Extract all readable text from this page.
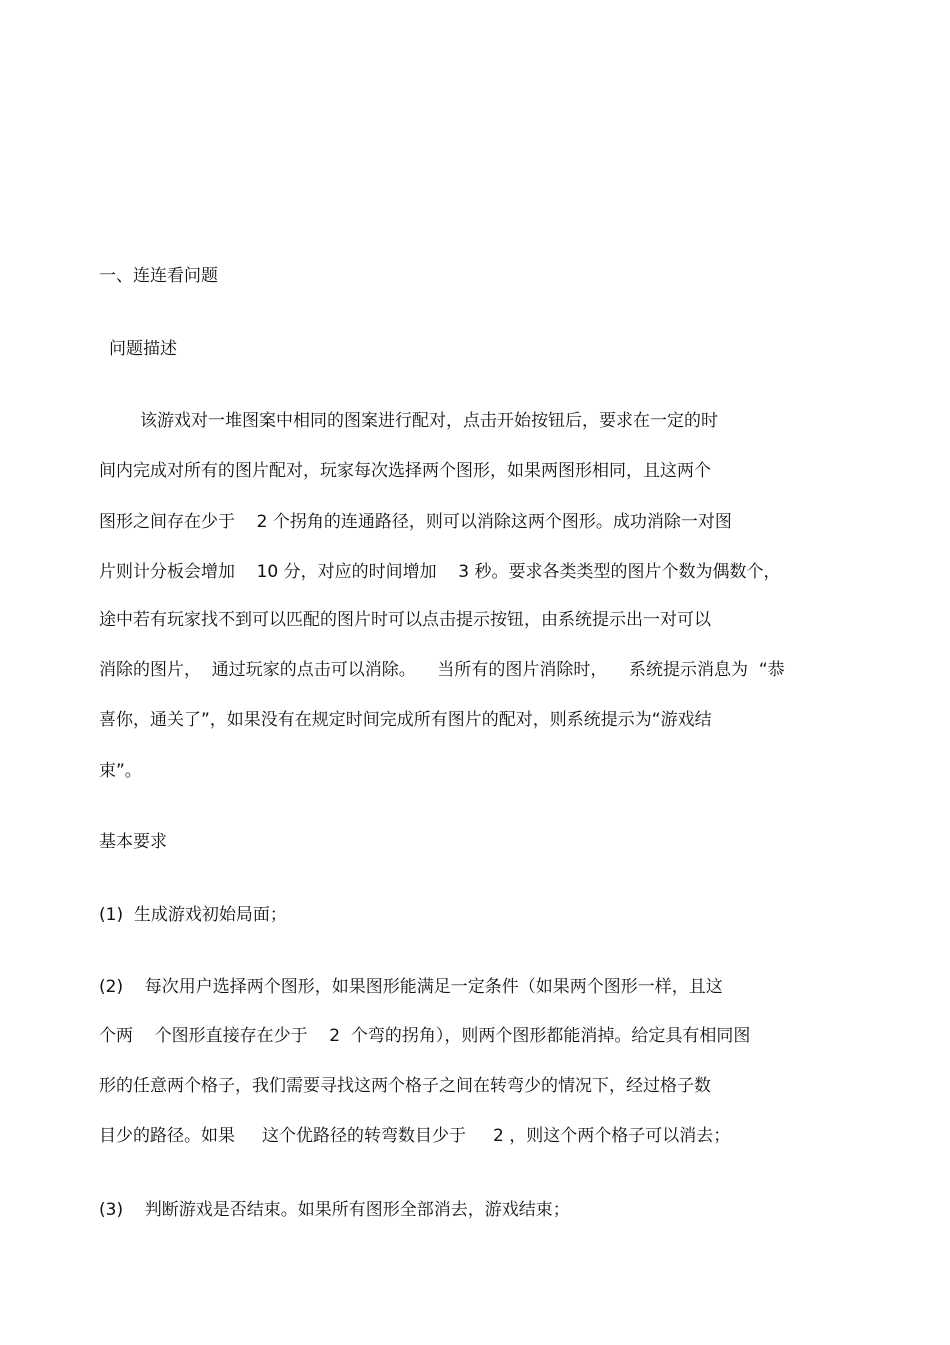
一、连连看问题

问题描述

该游戏对一堆图案中相同的图案进行配对，点击开始按钮后，要求在一定的时

间内完成对所有的图片配对，玩家每次选择两个图形，如果两图形相同，且这两个

图形之间存在少于    2 个拐角的连通路径，则可以消除这两个图形。成功消除一对图

片则计分板会增加    10 分，对应的时间增加    3 秒。要求各类类型的图片个数为偶数个，

途中若有玩家找不到可以匹配的图片时可以点击提示按钮，由系统提示出一对可以

消除的图片，  通过玩家的点击可以消除。    当所有的图片消除时，    系统提示消息为  “恭

喜你，通关了”，如果没有在规定时间完成所有图片的配对，则系统提示为“游戏结

束”。

基本要求

(1)  生成游戏初始局面；

(2)    每次用户选择两个图形，如果图形能满足一定条件（如果两个图形一样，且这

个两    个图形直接存在少于    2  个弯的拐角），则两个图形都能消掉。给定具有相同图

形的任意两个格子，我们需要寻找这两个格子之间在转弯少的情况下，经过格子数

目少的路径。如果     这个优路径的转弯数目少于     2 ，则这个两个格子可以消去；

(3)    判断游戏是否结束。如果所有图形全部消去，游戏结束；
